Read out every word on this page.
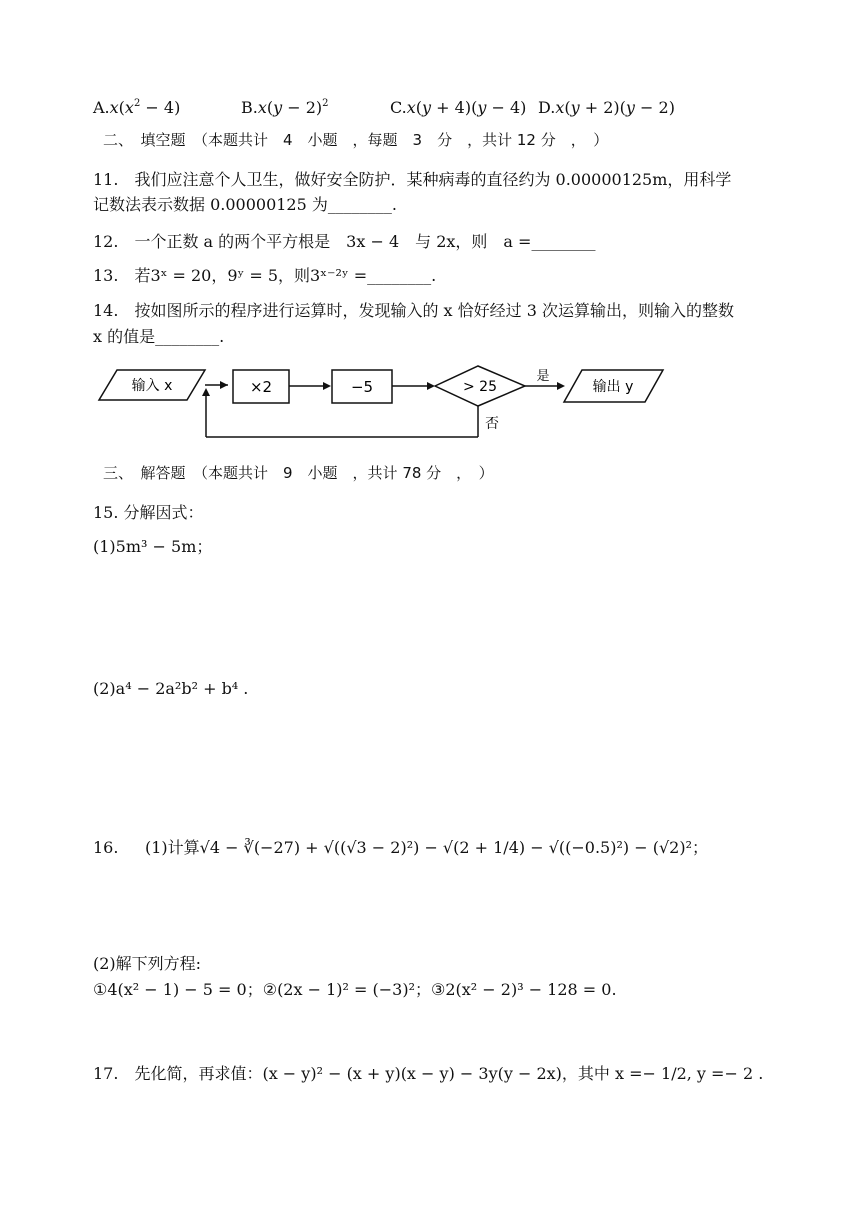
$A.x(x^2 - 4)$	$B.x(y - 2)^2$	C.x(y + 4)(y − 4) D.x(y + 2)(y − 2)
二、　填空题　（本题共计　4　小题　，每题　3　分　，共计 12 分　，　）
11.　我们应注意个人卫生，做好安全防护．某种病毒的直径约为 0.00000125m，用科学
记数法表示数据 0.00000125 为________.
12.　一个正数 a 的两个平方根是　3x − 4　与 2x，则　a =________
13.　若3ˣ = 20，9ʸ = 5，则3ˣ⁻²ʸ =________.
14.　按如图所示的程序进行运算时，发现输入的 x 恰好经过 3 次运算输出，则输入的整数
x 的值是________.
输入 x	×2	−5	> 25
是
输出 y
否
三、　解答题　（本题共计　9　小题　，共计 78 分　，　）
15. 分解因式：
(1)5m³ − 5m；
(2)a⁴ − 2a²b² + b⁴ .
16. (1)计算√4 − ∛(−27) + √((√3 − 2)²) − √(2 + 1/4) − √((−0.5)²) − (√2)²；
(2)解下列方程:
①4(x² − 1) − 5 = 0；②(2x − 1)² = (−3)²；③2(x² − 2)³ − 128 = 0.
17.　先化简，再求值：(x − y)² − (x + y)(x − y) − 3y(y − 2x)，其中 x =− 1/2, y =− 2 .
